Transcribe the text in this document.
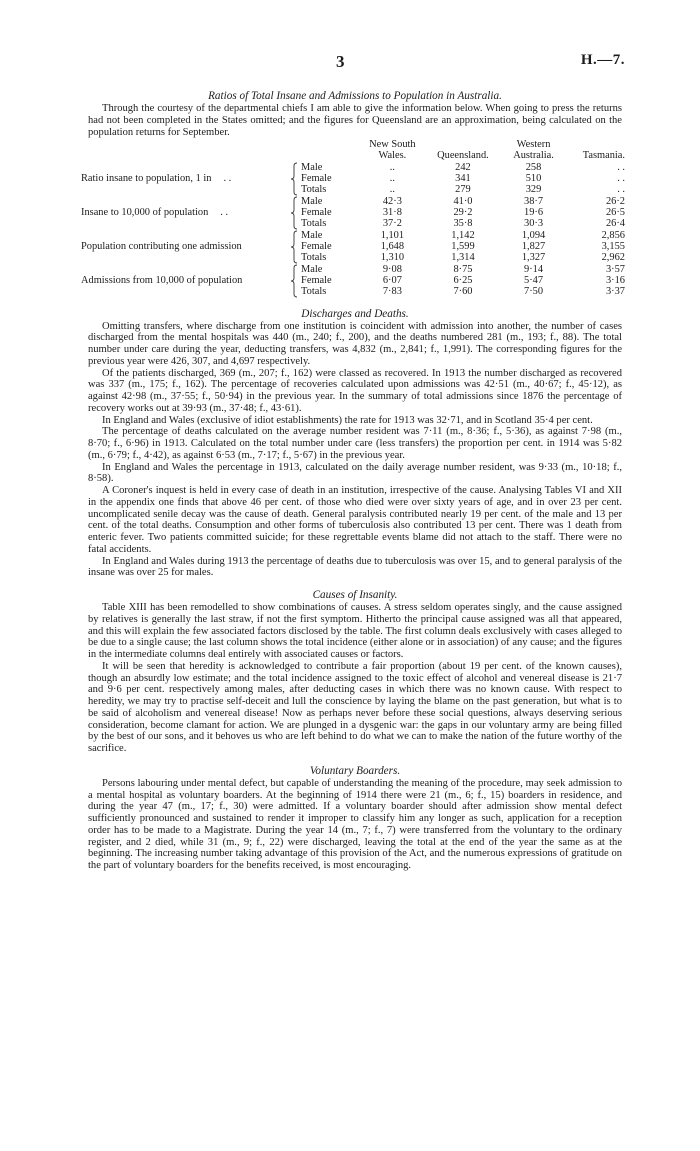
3	H.—7.
Ratios of Total Insane and Admissions to Population in Australia.

Through the courtesy of the departmental chiefs I am able to give the information below. When going to press the returns had not been completed in the States omitted; and the figures for Queensland are an approximation, being calculated on the population returns for September.

			New South Wales.	Queensland.	Western Australia.	Tasmania.
Ratio insane to population, 1 in . .		Male	..	242	258	. .
		Female	..	341	510	. .
		Totals	..	279	329	. .
Insane to 10,000 of population . .		Male	42·3	41·0	38·7	26·2
		Female	31·8	29·2	19·6	26·5
		Totals	37·2	35·8	30·3	26·4
Population contributing one admission		Male	1,101	1,142	1,094	2,856
		Female	1,648	1,599	1,827	3,155
		Totals	1,310	1,314	1,327	2,962
Admissions from 10,000 of population		Male	9·08	8·75	9·14	3·57
		Female	6·07	6·25	5·47	3·16
		Totals	7·83	7·60	7·50	3·37
Discharges and Deaths.

Omitting transfers, where discharge from one institution is coincident with admission into another, the number of cases discharged from the mental hospitals was 440 (m., 240; f., 200), and the deaths numbered 281 (m., 193; f., 88). The total number under care during the year, deducting transfers, was 4,832 (m., 2,841; f., 1,991). The corresponding figures for the previous year were 426, 307, and 4,697 respectively.

Of the patients discharged, 369 (m., 207; f., 162) were classed as recovered. In 1913 the number discharged as recovered was 337 (m., 175; f., 162). The percentage of recoveries calculated upon admissions was 42·51 (m., 40·67; f., 45·12), as against 42·98 (m., 37·55; f., 50·94) in the previous year. In the summary of total admissions since 1876 the percentage of recovery works out at 39·93 (m., 37·48; f., 43·61).

In England and Wales (exclusive of idiot establishments) the rate for 1913 was 32·71, and in Scotland 35·4 per cent.

The percentage of deaths calculated on the average number resident was 7·11 (m., 8·36; f., 5·36), as against 7·98 (m., 8·70; f., 6·96) in 1913. Calculated on the total number under care (less transfers) the proportion per cent. in 1914 was 5·82 (m., 6·79; f., 4·42), as against 6·53 (m., 7·17; f., 5·67) in the previous year.

In England and Wales the percentage in 1913, calculated on the daily average number resident, was 9·33 (m., 10·18; f., 8·58).

A Coroner's inquest is held in every case of death in an institution, irrespective of the cause. Analysing Tables VI and XII in the appendix one finds that above 46 per cent. of those who died were over sixty years of age, and in over 23 per cent. uncomplicated senile decay was the cause of death. General paralysis contributed nearly 19 per cent. of the male and 13 per cent. of the total deaths. Consumption and other forms of tuberculosis also contributed 13 per cent. There was 1 death from enteric fever. Two patients committed suicide; for these regrettable events blame did not attach to the staff. There were no fatal accidents.

In England and Wales during 1913 the percentage of deaths due to tuberculosis was over 15, and to general paralysis of the insane was over 25 for males.

Causes of Insanity.

Table XIII has been remodelled to show combinations of causes. A stress seldom operates singly, and the cause assigned by relatives is generally the last straw, if not the first symptom. Hitherto the principal cause assigned was all that appeared, and this will explain the few associated factors disclosed by the table. The first column deals exclusively with cases alleged to be due to a single cause; the last column shows the total incidence (either alone or in association) of any cause; and the figures in the intermediate columns deal entirely with associated causes or factors.

It will be seen that heredity is acknowledged to contribute a fair proportion (about 19 per cent. of the known causes), though an absurdly low estimate; and the total incidence assigned to the toxic effect of alcohol and venereal disease is 21·7 and 9·6 per cent. respectively among males, after deducting cases in which there was no known cause. With respect to heredity, we may try to practise self-deceit and lull the conscience by laying the blame on the past generation, but what is to be said of alcoholism and venereal disease! Now as perhaps never before these social questions, always deserving serious consideration, become clamant for action. We are plunged in a dysgenic war: the gaps in our voluntary army are being filled by the best of our sons, and it behoves us who are left behind to do what we can to make the nation of the future worthy of the sacrifice.

Voluntary Boarders.

Persons labouring under mental defect, but capable of understanding the meaning of the procedure, may seek admission to a mental hospital as voluntary boarders. At the beginning of 1914 there were 21 (m., 6; f., 15) boarders in residence, and during the year 47 (m., 17; f., 30) were admitted. If a voluntary boarder should after admission show mental defect sufficiently pronounced and sustained to render it improper to classify him any longer as such, application for a reception order has to be made to a Magistrate. During the year 14 (m., 7; f., 7) were transferred from the voluntary to the ordinary register, and 2 died, while 31 (m., 9; f., 22) were discharged, leaving the total at the end of the year the same as at the beginning. The increasing number taking advantage of this provision of the Act, and the numerous expressions of gratitude on the part of voluntary boarders for the benefits received, is most encouraging.
